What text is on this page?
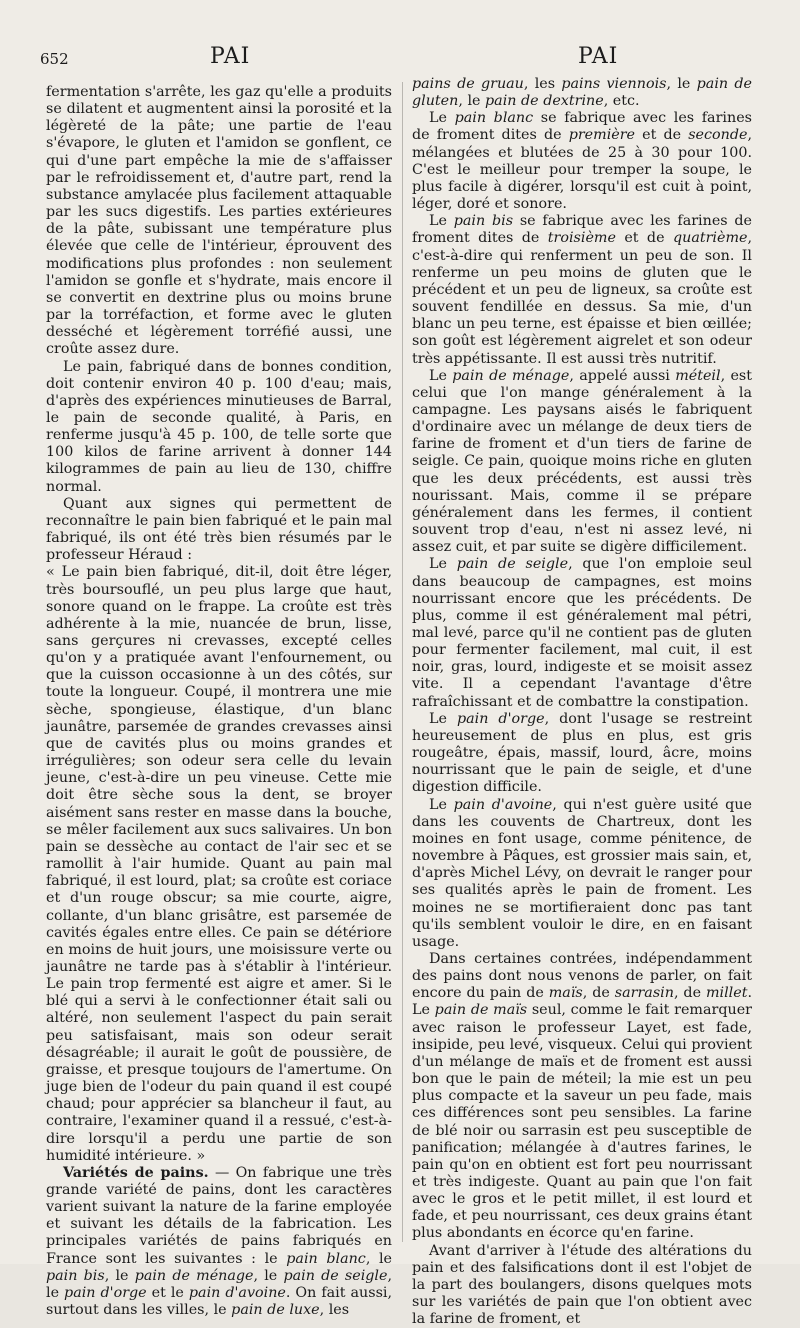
652	PAI	PAI

fermentation s'arrête, les gaz qu'elle a produits se dilatent et augmentent ainsi la porosité et la légèreté de la pâte; une partie de l'eau s'évapore, le gluten et l'amidon se gonflent, ce qui d'une part empêche la mie de s'affaisser par le refroidissement et, d'autre part, rend la substance amylacée plus facilement attaquable par les sucs digestifs. Les parties extérieures de la pâte, subissant une température plus élevée que celle de l'intérieur, éprouvent des modifications plus profondes : non seulement l'amidon se gonfle et s'hydrate, mais encore il se convertit en dextrine plus ou moins brune par la torréfaction, et forme avec le gluten desséché et légèrement torréfié aussi, une croûte assez dure.

Le pain, fabriqué dans de bonnes condition, doit contenir environ 40 p. 100 d'eau; mais, d'après des expériences minutieuses de Barral, le pain de seconde qualité, à Paris, en renferme jusqu'à 45 p. 100, de telle sorte que 100 kilos de farine arrivent à donner 144 kilogrammes de pain au lieu de 130, chiffre normal.

Quant aux signes qui permettent de reconnaître le pain bien fabriqué et le pain mal fabriqué, ils ont été très bien résumés par le professeur Héraud :

« Le pain bien fabriqué, dit-il, doit être léger, très boursouflé, un peu plus large que haut, sonore quand on le frappe. La croûte est très adhérente à la mie, nuancée de brun, lisse, sans gerçures ni crevasses, excepté celles qu'on y a pratiquée avant l'enfournement, ou que la cuisson occasionne à un des côtés, sur toute la longueur. Coupé, il montrera une mie sèche, spongieuse, élastique, d'un blanc jaunâtre, parsemée de grandes crevasses ainsi que de cavités plus ou moins grandes et irrégulières; son odeur sera celle du levain jeune, c'est-à-dire un peu vineuse. Cette mie doit être sèche sous la dent, se broyer aisément sans rester en masse dans la bouche, se mêler facilement aux sucs salivaires. Un bon pain se dessèche au contact de l'air sec et se ramollit à l'air humide. Quant au pain mal fabriqué, il est lourd, plat; sa croûte est coriace et d'un rouge obscur; sa mie courte, aigre, collante, d'un blanc grisâtre, est parsemée de cavités égales entre elles. Ce pain se détériore en moins de huit jours, une moisissure verte ou jaunâtre ne tarde pas à s'établir à l'intérieur. Le pain trop fermenté est aigre et amer. Si le blé qui a servi à le confectionner était sali ou altéré, non seulement l'aspect du pain serait peu satisfaisant, mais son odeur serait désagréable; il aurait le goût de poussière, de graisse, et presque toujours de l'amertume. On juge bien de l'odeur du pain quand il est coupé chaud; pour apprécier sa blancheur il faut, au contraire, l'examiner quand il a ressué, c'est-à-dire lorsqu'il a perdu une partie de son humidité intérieure. »

Variétés de pains. — On fabrique une très grande variété de pains, dont les caractères varient suivant la nature de la farine employée et suivant les détails de la fabrication. Les principales variétés de pains fabriqués en France sont les suivantes : le pain blanc, le pain bis, le pain de ménage, le pain de seigle, le pain d'orge et le pain d'avoine. On fait aussi, surtout dans les villes, le pain de luxe, les

pains de gruau, les pains viennois, le pain de gluten, le pain de dextrine, etc.

Le pain blanc se fabrique avec les farines de froment dites de première et de seconde, mélangées et blutées de 25 à 30 pour 100. C'est le meilleur pour tremper la soupe, le plus facile à digérer, lorsqu'il est cuit à point, léger, doré et sonore.

Le pain bis se fabrique avec les farines de froment dites de troisième et de quatrième, c'est-à-dire qui renferment un peu de son. Il renferme un peu moins de gluten que le précédent et un peu de ligneux, sa croûte est souvent fendillée en dessus. Sa mie, d'un blanc un peu terne, est épaisse et bien œillée; son goût est légèrement aigrelet et son odeur très appétissante. Il est aussi très nutritif.

Le pain de ménage, appelé aussi méteil, est celui que l'on mange généralement à la campagne. Les paysans aisés le fabriquent d'ordinaire avec un mélange de deux tiers de farine de froment et d'un tiers de farine de seigle. Ce pain, quoique moins riche en gluten que les deux précédents, est aussi très nourissant. Mais, comme il se prépare généralement dans les fermes, il contient souvent trop d'eau, n'est ni assez levé, ni assez cuit, et par suite se digère difficilement.

Le pain de seigle, que l'on emploie seul dans beaucoup de campagnes, est moins nourrissant encore que les précédents. De plus, comme il est généralement mal pétri, mal levé, parce qu'il ne contient pas de gluten pour fermenter facilement, mal cuit, il est noir, gras, lourd, indigeste et se moisit assez vite. Il a cependant l'avantage d'être rafraîchissant et de combattre la constipation.

Le pain d'orge, dont l'usage se restreint heureusement de plus en plus, est gris rougeâtre, épais, massif, lourd, âcre, moins nourrissant que le pain de seigle, et d'une digestion difficile.

Le pain d'avoine, qui n'est guère usité que dans les couvents de Chartreux, dont les moines en font usage, comme pénitence, de novembre à Pâques, est grossier mais sain, et, d'après Michel Lévy, on devrait le ranger pour ses qualités après le pain de froment. Les moines ne se mortifieraient donc pas tant qu'ils semblent vouloir le dire, en en faisant usage.

Dans certaines contrées, indépendamment des pains dont nous venons de parler, on fait encore du pain de maïs, de sarrasin, de millet. Le pain de maïs seul, comme le fait remarquer avec raison le professeur Layet, est fade, insipide, peu levé, visqueux. Celui qui provient d'un mélange de maïs et de froment est aussi bon que le pain de méteil; la mie est un peu plus compacte et la saveur un peu fade, mais ces différences sont peu sensibles. La farine de blé noir ou sarrasin est peu susceptible de panification; mélangée à d'autres farines, le pain qu'on en obtient est fort peu nourrissant et très indigeste. Quant au pain que l'on fait avec le gros et le petit millet, il est lourd et fade, et peu nourrissant, ces deux grains étant plus abondants en écorce qu'en farine.

Avant d'arriver à l'étude des altérations du pain et des falsifications dont il est l'objet de la part des boulangers, disons quelques mots sur les variétés de pain que l'on obtient avec la farine de froment, et
